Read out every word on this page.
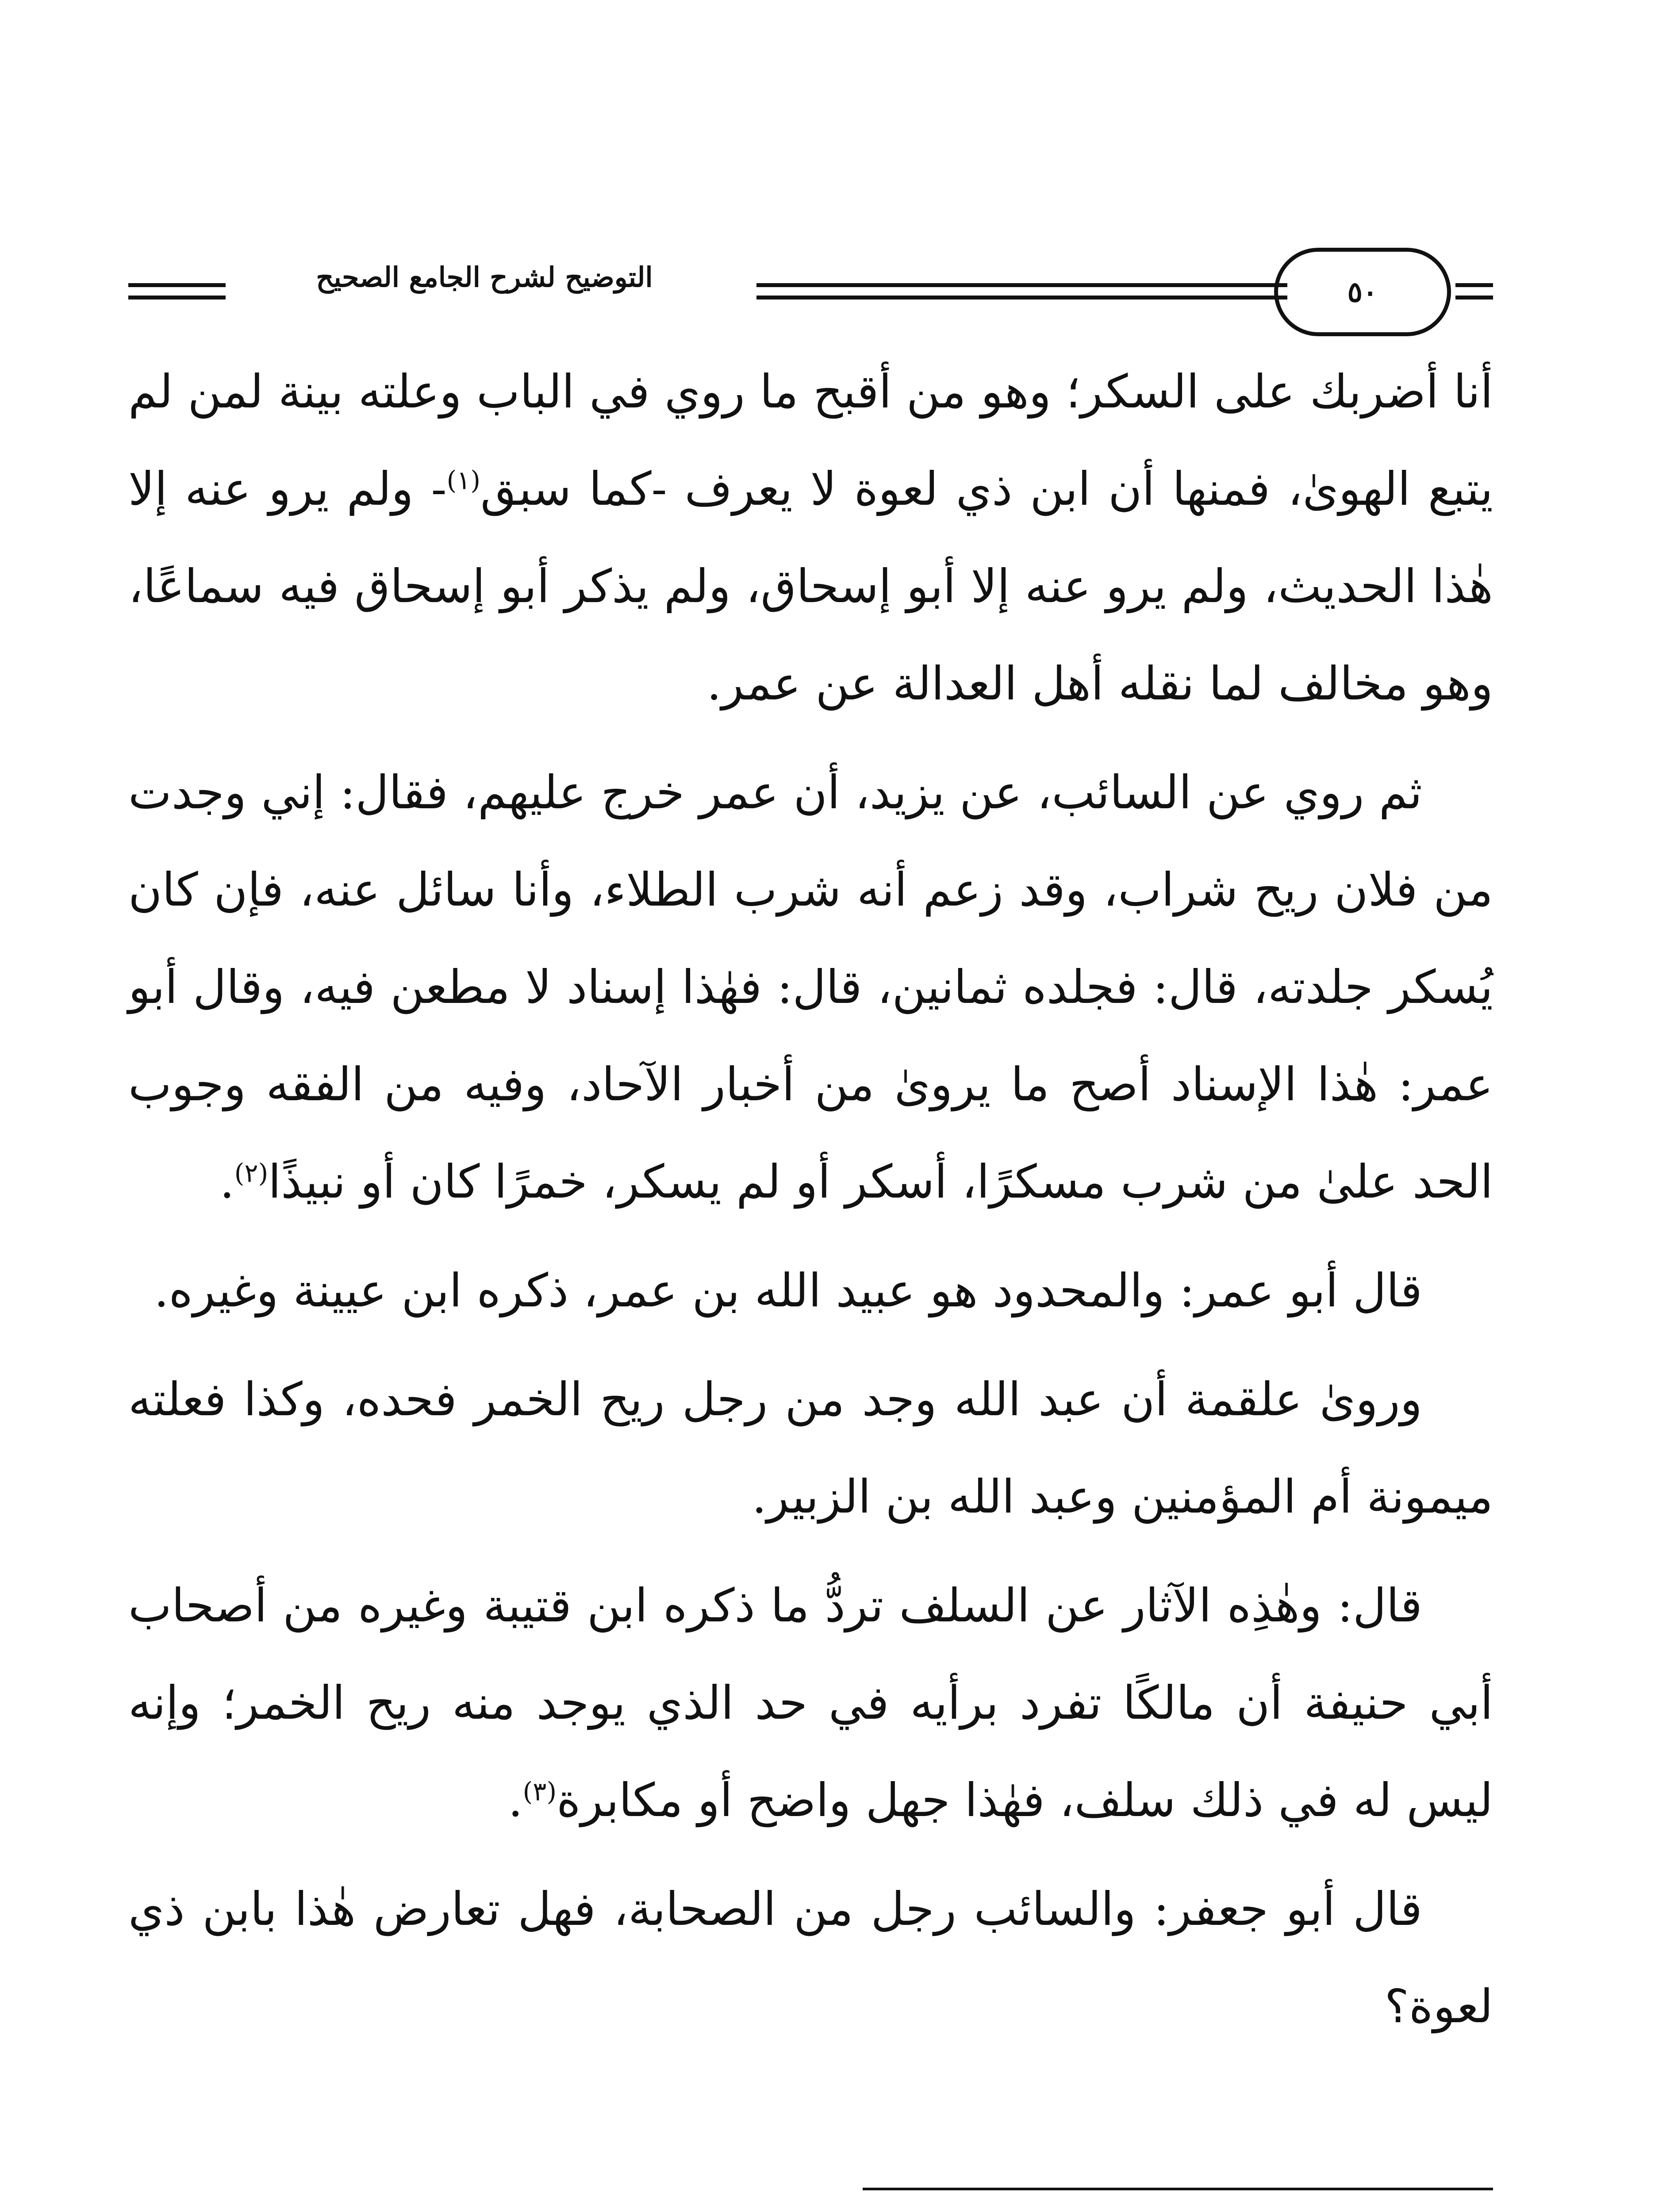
٥٠
التوضيح لشرح الجامع الصحيح

أنا أضربك على السكر؛ وهو من أقبح ما روي في الباب وعلته بينة لمن لم يتبع الهوىٰ، فمنها أن ابن ذي لعوة لا يعرف -كما سبق$^{(١)}$- ولم يرو عنه إلا هٰذا الحديث، ولم يرو عنه إلا أبو إسحاق، ولم يذكر أبو إسحاق فيه سماعًا، وهو مخالف لما نقله أهل العدالة عن عمر.

ثم روي عن السائب، عن يزيد، أن عمر خرج عليهم، فقال: إني وجدت من فلان ريح شراب، وقد زعم أنه شرب الطلاء، وأنا سائل عنه، فإن كان يُسكر جلدته، قال: فجلده ثمانين، قال: فهٰذا إسناد لا مطعن فيه، وقال أبو عمر: هٰذا الإسناد أصح ما يروىٰ من أخبار الآحاد، وفيه من الفقه وجوب الحد علىٰ من شرب مسكرًا، أسكر أو لم يسكر، خمرًا كان أو نبيذًا$^{(٢)}$.

قال أبو عمر: والمحدود هو عبيد الله بن عمر، ذكره ابن عيينة وغيره.

وروىٰ علقمة أن عبد الله وجد من رجل ريح الخمر فحده، وكذا فعلته ميمونة أم المؤمنين وعبد الله بن الزبير.

قال: وهٰذِه الآثار عن السلف تردُّ ما ذكره ابن قتيبة وغيره من أصحاب أبي حنيفة أن مالكًا تفرد برأيه في حد الذي يوجد منه ريح الخمر؛ وإنه ليس له في ذلك سلف، فهٰذا جهل واضح أو مكابرة$^{(٣)}$.

قال أبو جعفر: والسائب رجل من الصحابة، فهل تعارض هٰذا بابن ذي لعوة؟
